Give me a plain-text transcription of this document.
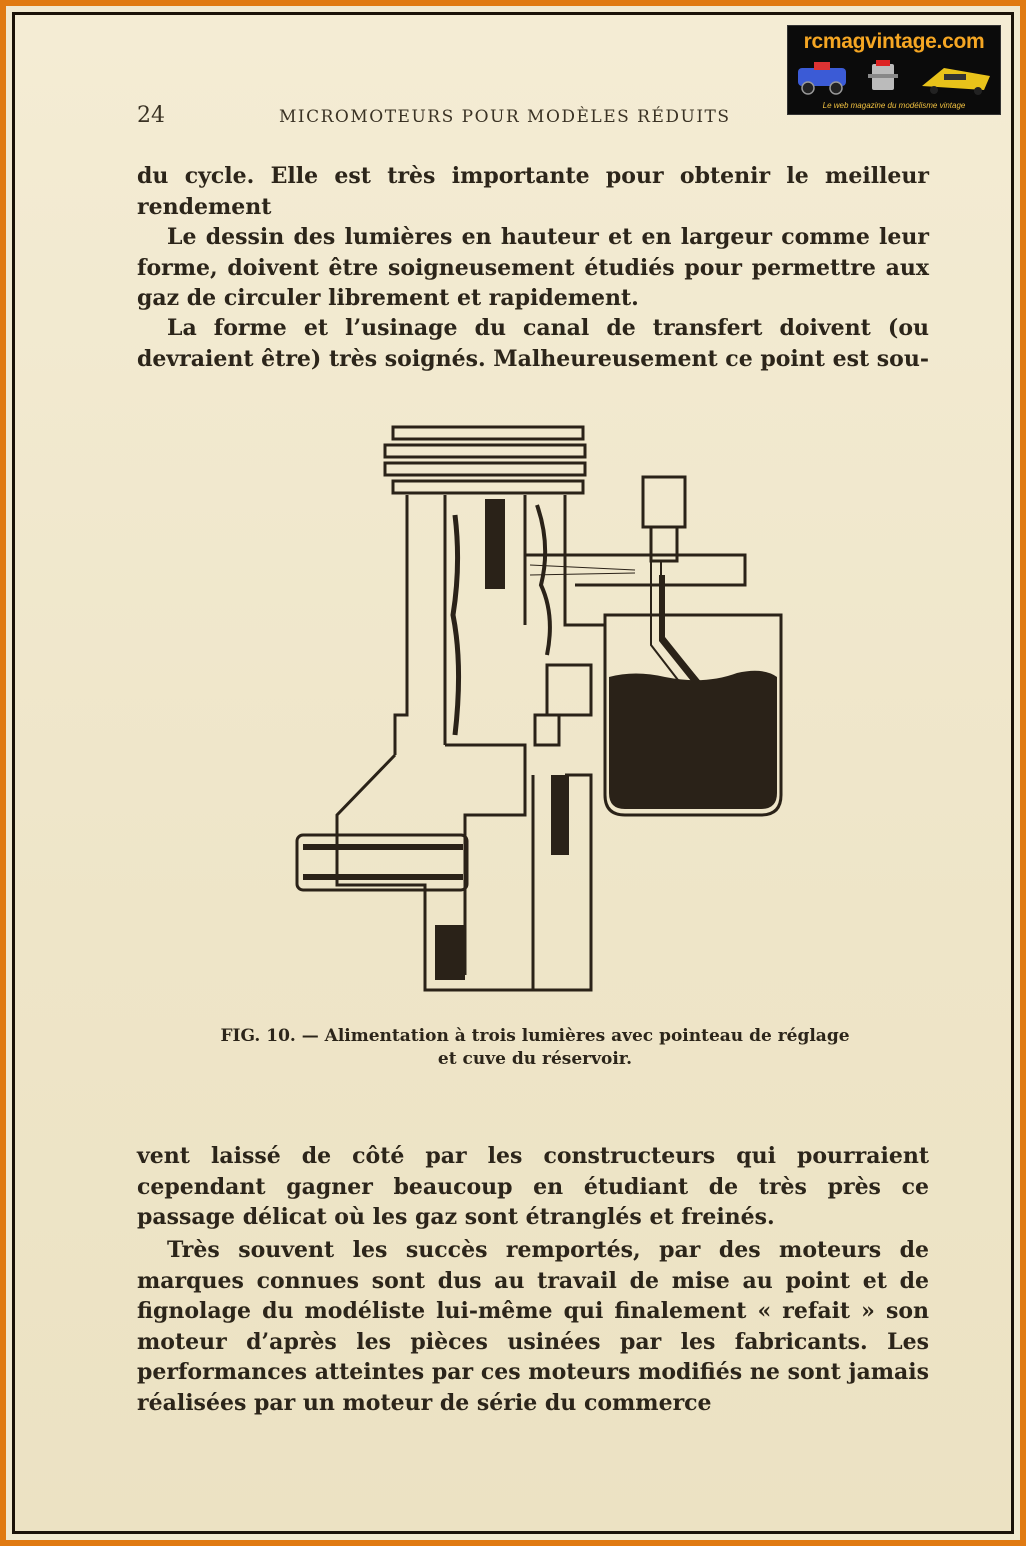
rcmagvintage.com
Le web magazine du modélisme vintage
24	MICROMOTEURS POUR MODÈLES RÉDUITS

du cycle. Elle est très importante pour obtenir le meilleur rendement

Le dessin des lumières en hauteur et en largeur comme leur forme, doivent être soigneusement étudiés pour permettre aux gaz de circuler librement et rapidement.

La forme et l’usinage du canal de transfert doivent (ou devraient être) très soignés. Malheureusement ce point est sou-

FIG. 10. — Alimentation à trois lumières avec pointeau de réglage
et cuve du réservoir.

vent laissé de côté par les constructeurs qui pourraient cependant gagner beaucoup en étudiant de très près ce passage délicat où les gaz sont étranglés et freinés.

Très souvent les succès remportés, par des moteurs de marques connues sont dus au travail de mise au point et de fignolage du modéliste lui-même qui finalement « refait » son moteur d’après les pièces usinées par les fabricants. Les performances atteintes par ces moteurs modifiés ne sont jamais réalisées par un moteur de série du commerce
